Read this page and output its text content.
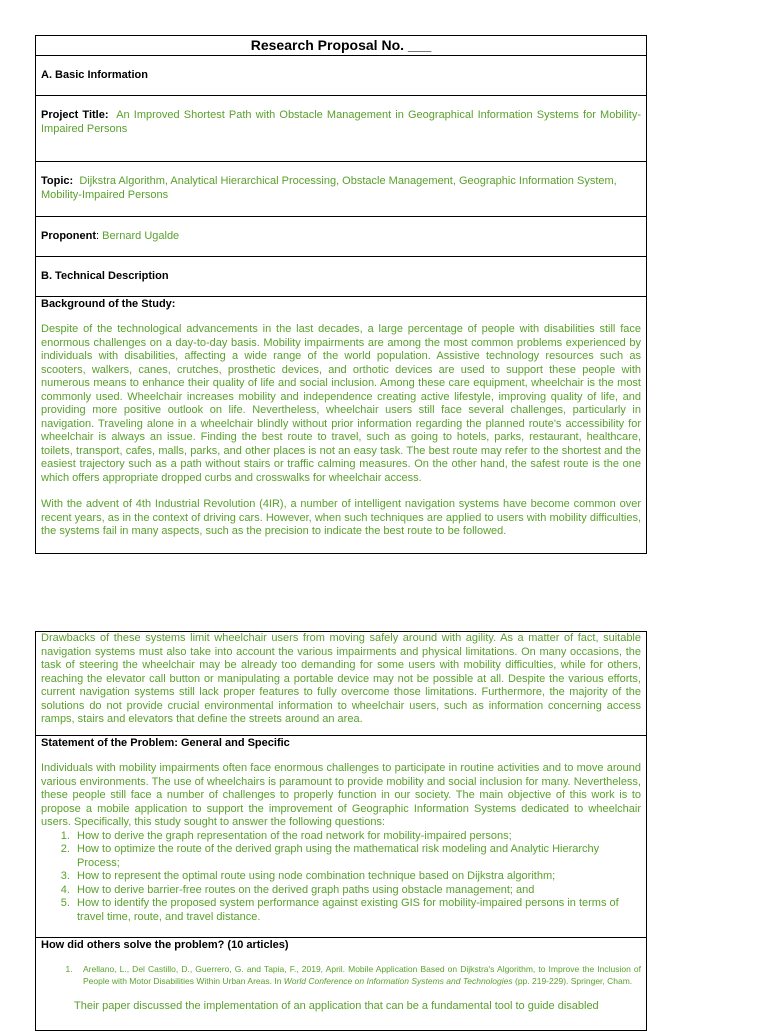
Research Proposal No. ___
A. Basic Information

Project Title: An Improved Shortest Path with Obstacle Management in Geographical Information Systems for Mobility-Impaired Persons

Topic: Dijkstra Algorithm, Analytical Hierarchical Processing, Obstacle Management, Geographic Information System, Mobility-Impaired Persons

Proponent: Bernard Ugalde

B. Technical Description

Background of the Study:

Despite of the technological advancements in the last decades, a large percentage of people with disabilities still face enormous challenges on a day-to-day basis. Mobility impairments are among the most common problems experienced by individuals with disabilities, affecting a wide range of the world population. Assistive technology resources such as scooters, walkers, canes, crutches, prosthetic devices, and orthotic devices are used to support these people with numerous means to enhance their quality of life and social inclusion. Among these care equipment, wheelchair is the most commonly used. Wheelchair increases mobility and independence creating active lifestyle, improving quality of life, and providing more positive outlook on life. Nevertheless, wheelchair users still face several challenges, particularly in navigation. Traveling alone in a wheelchair blindly without prior information regarding the planned route's accessibility for wheelchair is always an issue. Finding the best route to travel, such as going to hotels, parks, restaurant, healthcare, toilets, transport, cafes, malls, parks, and other places is not an easy task. The best route may refer to the shortest and the easiest trajectory such as a path without stairs or traffic calming measures. On the other hand, the safest route is the one which offers appropriate dropped curbs and crosswalks for wheelchair access.

With the advent of 4th Industrial Revolution (4IR), a number of intelligent navigation systems have become common over recent years, as in the context of driving cars. However, when such techniques are applied to users with mobility difficulties, the systems fail in many aspects, such as the precision to indicate the best route to be followed.

Drawbacks of these systems limit wheelchair users from moving safely around with agility. As a matter of fact, suitable navigation systems must also take into account the various impairments and physical limitations. On many occasions, the task of steering the wheelchair may be already too demanding for some users with mobility difficulties, while for others, reaching the elevator call button or manipulating a portable device may not be possible at all. Despite the various efforts, current navigation systems still lack proper features to fully overcome those limitations. Furthermore, the majority of the solutions do not provide crucial environmental information to wheelchair users, such as information concerning access ramps, stairs and elevators that define the streets around an area.

Statement of the Problem: General and Specific

Individuals with mobility impairments often face enormous challenges to participate in routine activities and to move around various environments. The use of wheelchairs is paramount to provide mobility and social inclusion for many. Nevertheless, these people still face a number of challenges to properly function in our society. The main objective of this work is to propose a mobile application to support the improvement of Geographic Information Systems dedicated to wheelchair users. Specifically, this study sought to answer the following questions:

1. How to derive the graph representation of the road network for mobility-impaired persons;
2. How to optimize the route of the derived graph using the mathematical risk modeling and Analytic Hierarchy Process;
3. How to represent the optimal route using node combination technique based on Dijkstra algorithm;
4. How to derive barrier-free routes on the derived graph paths using obstacle management; and
5. How to identify the proposed system performance against existing GIS for mobility-impaired persons in terms of travel time, route, and travel distance.

How did others solve the problem? (10 articles)

1. Arellano, L., Del Castillo, D., Guerrero, G. and Tapia, F., 2019, April. Mobile Application Based on Dijkstra's Algorithm, to Improve the Inclusion of People with Motor Disabilities Within Urban Areas. In World Conference on Information Systems and Technologies (pp. 219-229). Springer, Cham.

Their paper discussed the implementation of an application that can be a fundamental tool to guide disabled
